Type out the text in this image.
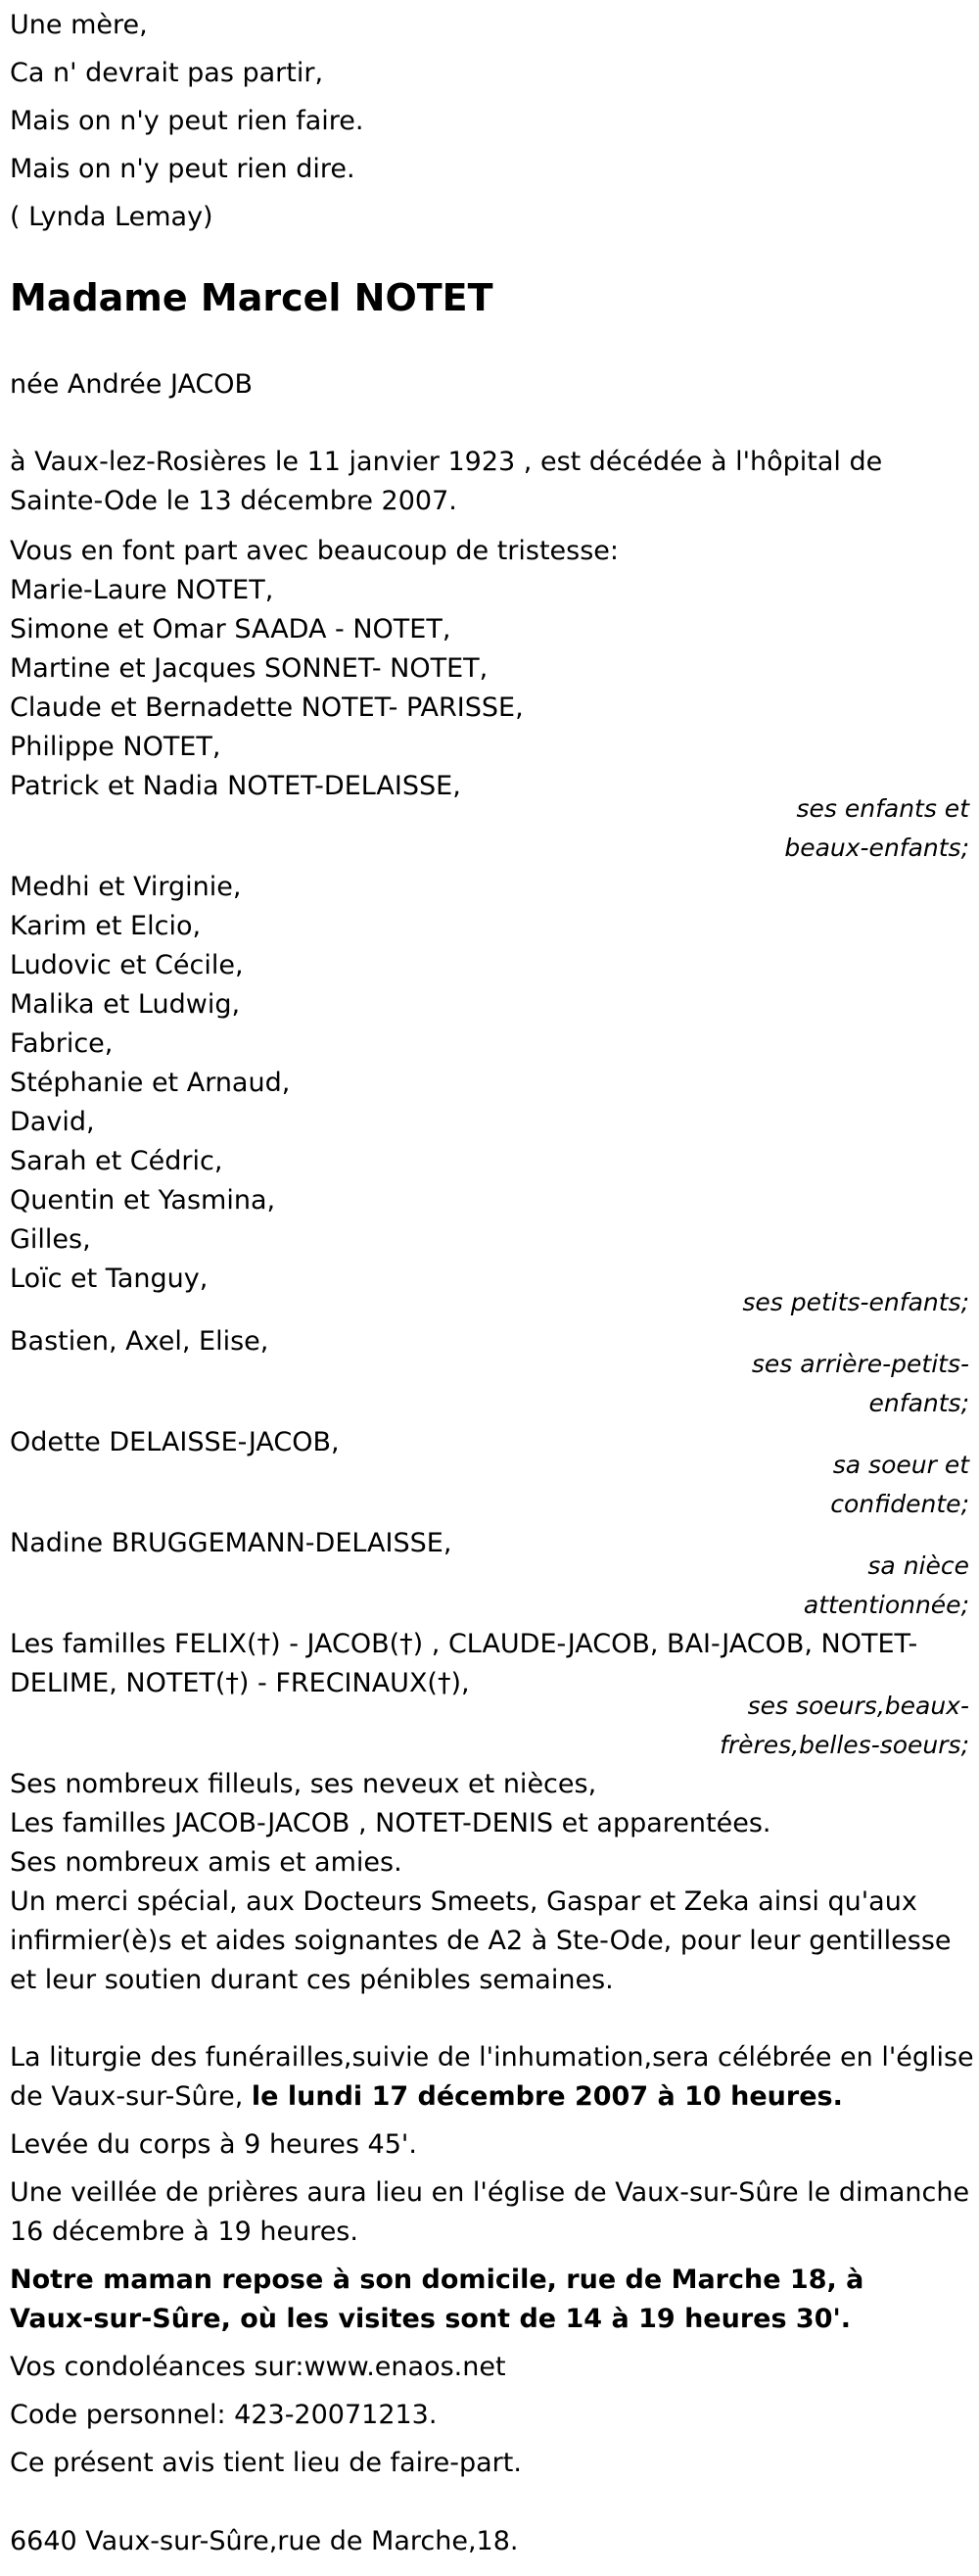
Une mère,
Ca n' devrait pas partir,
Mais on n'y peut rien faire.
Mais on n'y peut rien dire.
( Lynda Lemay)
Madame Marcel NOTET
née Andrée JACOB
à Vaux-lez-Rosières le 11 janvier 1923 , est décédée à l'hôpital de
Sainte-Ode le 13 décembre 2007.
Vous en font part avec beaucoup de tristesse:
Marie-Laure NOTET,
Simone et Omar SAADA - NOTET,
Martine et Jacques SONNET- NOTET,
Claude et Bernadette NOTET- PARISSE,
Philippe NOTET,
Patrick et Nadia NOTET-DELAISSE,
ses enfants et
beaux-enfants;
Medhi et Virginie,
Karim et Elcio,
Ludovic et Cécile,
Malika et Ludwig,
Fabrice,
Stéphanie et Arnaud,
David,
Sarah et Cédric,
Quentin et Yasmina,
Gilles,
Loïc et Tanguy,
ses petits-enfants;
Bastien, Axel, Elise,
ses arrière-petits-
enfants;
Odette DELAISSE-JACOB,
sa soeur et
confidente;
Nadine BRUGGEMANN-DELAISSE,
sa nièce
attentionnée;
Les familles FELIX(†) - JACOB(†) , CLAUDE-JACOB, BAI-JACOB, NOTET-
DELIME, NOTET(†) - FRECINAUX(†),
ses soeurs,beaux-
frères,belles-soeurs;
Ses nombreux filleuls, ses neveux et nièces,
Les familles JACOB-JACOB , NOTET-DENIS et apparentées.
Ses nombreux amis et amies.
Un merci spécial, aux Docteurs Smeets, Gaspar et Zeka ainsi qu'aux
infirmier(è)s et aides soignantes de A2 à Ste-Ode, pour leur gentillesse
et leur soutien durant ces pénibles semaines.
La liturgie des funérailles,suivie de l'inhumation,sera célébrée en l'église
de Vaux-sur-Sûre, le lundi 17 décembre 2007 à 10 heures.
Levée du corps à 9 heures 45'.
Une veillée de prières aura lieu en l'église de Vaux-sur-Sûre le dimanche
16 décembre à 19 heures.
Notre maman repose à son domicile, rue de Marche 18, à
Vaux-sur-Sûre, où les visites sont de 14 à 19 heures 30'.
Vos condoléances sur:www.enaos.net
Code personnel: 423-20071213.
Ce présent avis tient lieu de faire-part.
6640 Vaux-sur-Sûre,rue de Marche,18.
